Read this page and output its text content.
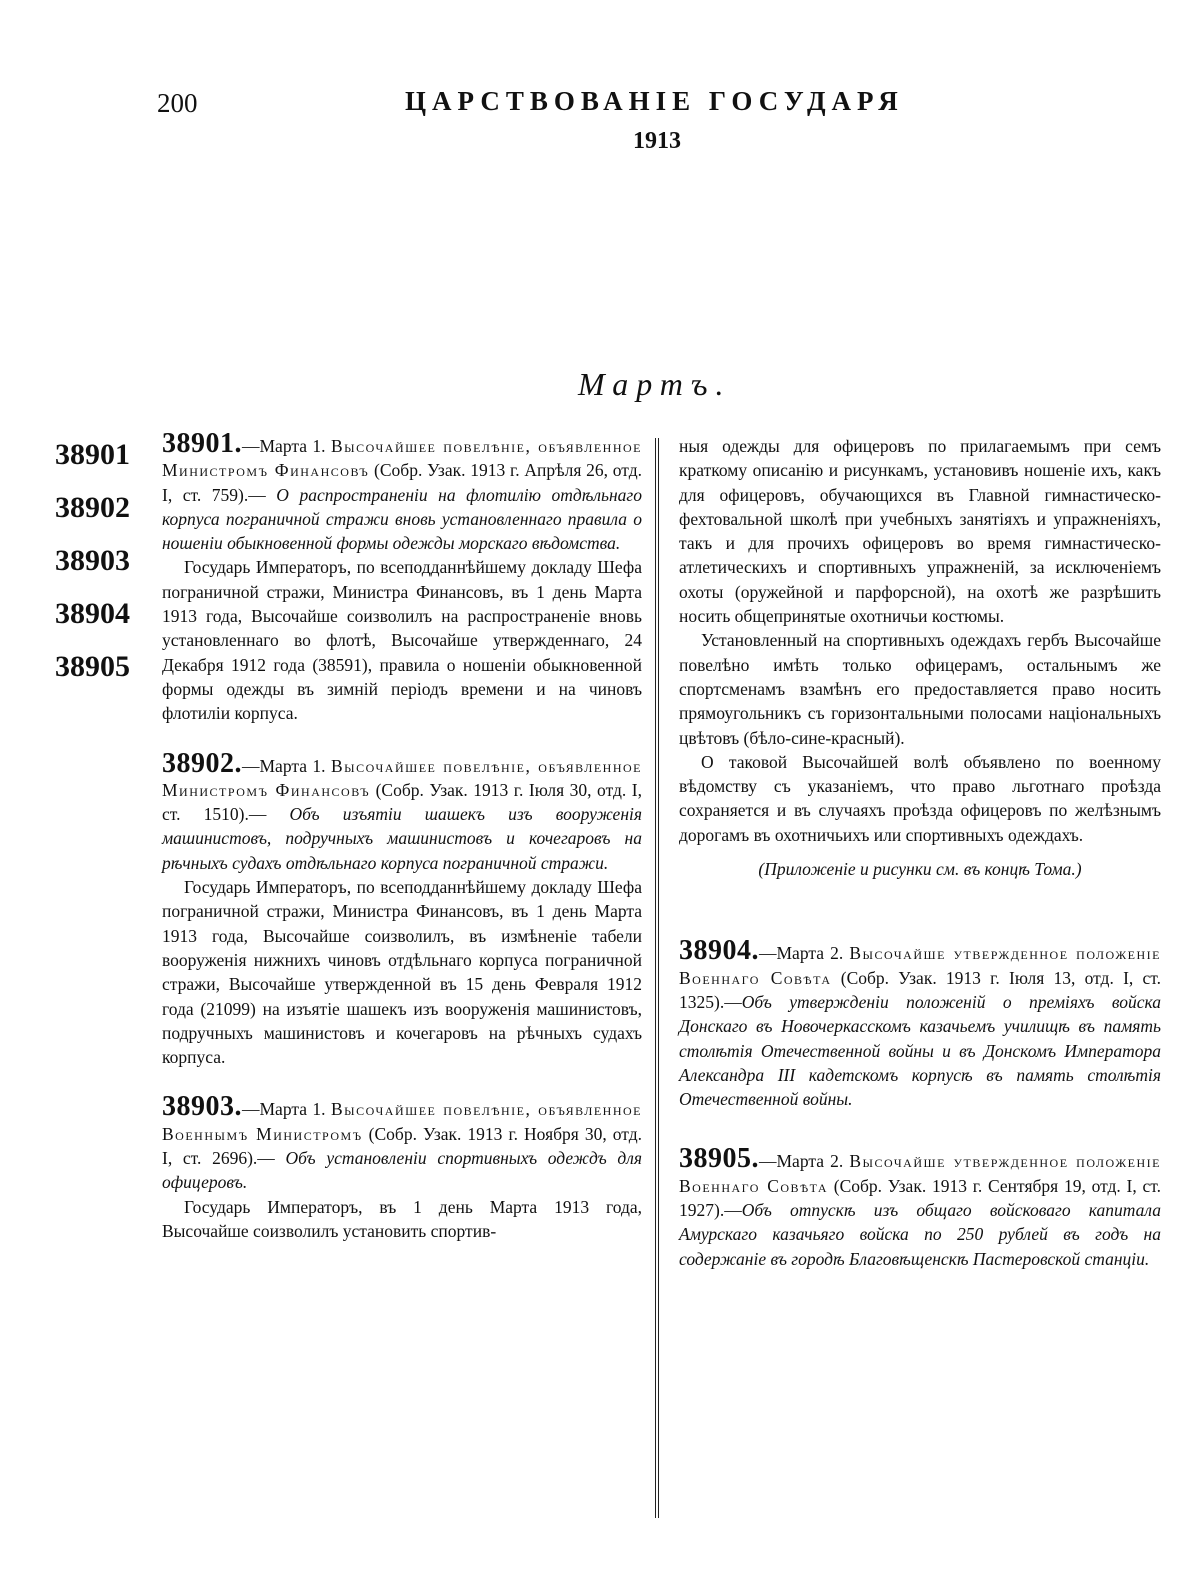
200	ЦАРСТВОВАНІЕ ГОСУДАРЯ
1913
Мартъ.
38901
38902
38903
38904
38905

38901.—Марта 1. Высочайшее повелѣніе, объявленное Министромъ Финансовъ (Собр. Узак. 1913 г. Апрѣля 26, отд. I, ст. 759).— О распространеніи на флотилію отдѣльнаго корпуса пограничной стражи вновь установленнаго правила о ношеніи обыкновенной формы одежды морскаго вѣдомства.

Государь Императоръ, по всеподданнѣйшему докладу Шефа пограничной стражи, Министра Финансовъ, въ 1 день Марта 1913 года, Высочайше соизволилъ на распространеніе вновь установленнаго во флотѣ, Высочайше утвержденнаго, 24 Декабря 1912 года (38591), правила о ношеніи обыкновенной формы одежды въ зимній періодъ времени и на чиновъ флотиліи корпуса.

38902.—Марта 1. Высочайшее повелѣніе, объявленное Министромъ Финансовъ (Собр. Узак. 1913 г. Іюля 30, отд. I, ст. 1510).— Объ изъятіи шашекъ изъ вооруженія машинистовъ, подручныхъ машинистовъ и кочегаровъ на рѣчныхъ судахъ отдѣльнаго корпуса пограничной стражи.

Государь Императоръ, по всеподданнѣйшему докладу Шефа пограничной стражи, Министра Финансовъ, въ 1 день Марта 1913 года, Высочайше соизволилъ, въ измѣненіе табели вооруженія нижнихъ чиновъ отдѣльнаго корпуса пограничной стражи, Высочайше утвержденной въ 15 день Февраля 1912 года (21099) на изъятіе шашекъ изъ вооруженія машинистовъ, подручныхъ машинистовъ и кочегаровъ на рѣчныхъ судахъ корпуса.

38903.—Марта 1. Высочайшее повелѣніе, объявленное Военнымъ Министромъ (Собр. Узак. 1913 г. Ноября 30, отд. I, ст. 2696).— Объ установленіи спортивныхъ одеждъ для офицеровъ.

Государь Императоръ, въ 1 день Марта 1913 года, Высочайше соизволилъ установить спортив-

ныя одежды для офицеровъ по прилагаемымъ при семъ краткому описанію и рисункамъ, установивъ ношеніе ихъ, какъ для офицеровъ, обучающихся въ Главной гимнастическо-фехтовальной школѣ при учебныхъ занятіяхъ и упражненіяхъ, такъ и для прочихъ офицеровъ во время гимнастическо-атлетическихъ и спортивныхъ упражненій, за исключеніемъ охоты (оружейной и парфорсной), на охотѣ же разрѣшить носить общепринятые охотничьи костюмы.

Установленный на спортивныхъ одеждахъ гербъ Высочайше повелѣно имѣть только офицерамъ, остальнымъ же спортсменамъ взамѣнъ его предоставляется право носить прямоугольникъ съ горизонтальными полосами національныхъ цвѣтовъ (бѣло-сине-красный).

О таковой Высочайшей волѣ объявлено по военному вѣдомству съ указаніемъ, что право льготнаго проѣзда сохраняется и въ случаяхъ проѣзда офицеровъ по желѣзнымъ дорогамъ въ охотничьихъ или спортивныхъ одеждахъ.

(Приложеніе и рисунки см. въ концѣ Тома.)

38904.—Марта 2. Высочайше утвержденное положеніе Военнаго Совѣта (Собр. Узак. 1913 г. Іюля 13, отд. I, ст. 1325).—Объ утвержденіи положеній о преміяхъ войска Донскаго въ Новочеркасскомъ казачьемъ училищѣ въ память столѣтія Отечественной войны и въ Донскомъ Императора Александра III кадетскомъ корпусѣ въ память столѣтія Отечественной войны.

38905.—Марта 2. Высочайше утвержденное положеніе Военнаго Совѣта (Собр. Узак. 1913 г. Сентября 19, отд. I, ст. 1927).—Объ отпускѣ изъ общаго войсковаго капитала Амурскаго казачьяго войска по 250 рублей въ годъ на содержаніе въ городѣ Благовѣщенскѣ Пастеровской станціи.
